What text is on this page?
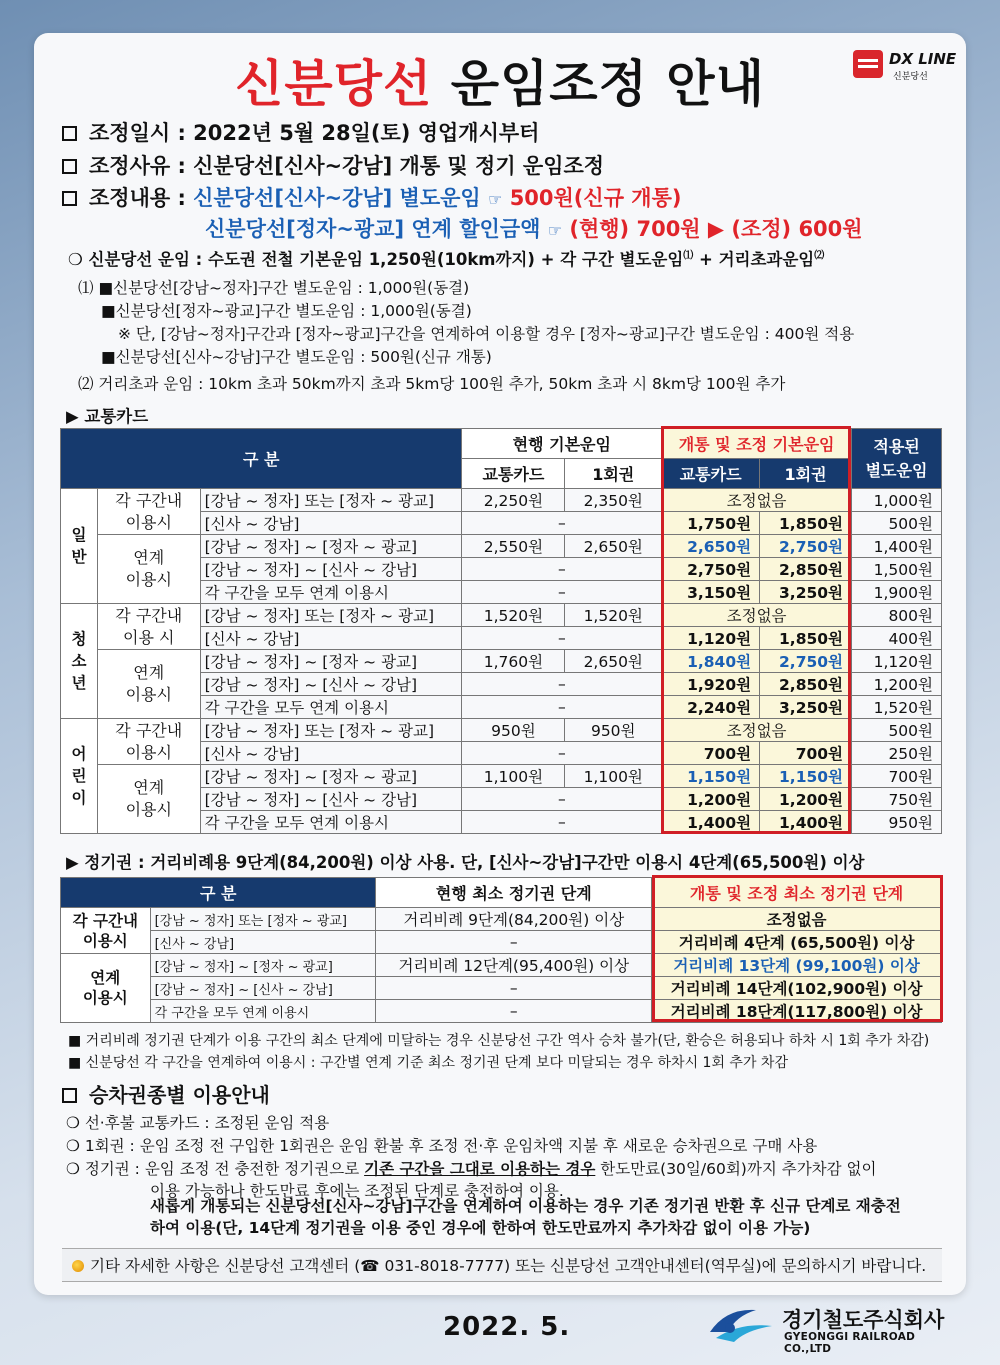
신분당선 운임조정 안내	DX LINE
신분당선
조정일시 : 2022년 5월 28일(토) 영업개시부터
조정사유 : 신분당선[신사~강남] 개통 및 정기 운임조정
조정내용 : 신분당선[신사~강남] 별도운임 ☞ 500원(신규 개통)
신분당선[정자~광교] 연계 할인금액 ☞ (현행) 700원 ▶ (조정) 600원
❍ 신분당선 운임 : 수도권 전철 기본운임 1,250원(10km까지) + 각 구간 별도운임⑴ + 거리초과운임⑵
⑴ ■신분당선[강남~정자]구간 별도운임 : 1,000원(동결)
■신분당선[정자~광교]구간 별도운임 : 1,000원(동결)
※ 단, [강남~정자]구간과 [정자~광교]구간을 연계하여 이용할 경우 [정자~광교]구간 별도운임 : 400원 적용
■신분당선[신사~강남]구간 별도운임 : 500원(신규 개통)
⑵ 거리초과 운임 : 10km 초과 50km까지 초과 5km당 100원 추가, 50km 초과 시 8km당 100원 추가
▶ 교통카드
구 분			현행 기본운임		개통 및 조정 기본운임		적용된
별도운임

			교통카드	1회권	교통카드	1회권	
일
반	각 구간내
이용시	[강남 ~ 정자] 또는 [정자 ~ 광교]	2,250원	2,350원	조정없음		1,000원
		[신사 ~ 강남]	–		1,750원	1,850원	500원
	연계
이용시	[강남 ~ 정자] ~ [정자 ~ 광교]	2,550원	2,650원	2,650원	2,750원	1,400원
		[강남 ~ 정자] ~ [신사 ~ 강남]	–		2,750원	2,850원	1,500원
		각 구간을 모두 연계 이용시	–		3,150원	3,250원	1,900원
청
소
년	각 구간내
이용 시	[강남 ~ 정자] 또는 [정자 ~ 광교]	1,520원	1,520원	조정없음		800원
		[신사 ~ 강남]	–		1,120원	1,850원	400원
	연계
이용시	[강남 ~ 정자] ~ [정자 ~ 광교]	1,760원	2,650원	1,840원	2,750원	1,120원
		[강남 ~ 정자] ~ [신사 ~ 강남]	–		1,920원	2,850원	1,200원
		각 구간을 모두 연계 이용시	–		2,240원	3,250원	1,520원
어
린
이	각 구간내
이용시	[강남 ~ 정자] 또는 [정자 ~ 광교]	950원	950원	조정없음		500원
		[신사 ~ 강남]	–		700원	700원	250원
	연계
이용시	[강남 ~ 정자] ~ [정자 ~ 광교]	1,100원	1,100원	1,150원	1,150원	700원
		[강남 ~ 정자] ~ [신사 ~ 강남]	–		1,200원	1,200원	750원
		각 구간을 모두 연계 이용시	–		1,400원	1,400원	950원
▶ 정기권 : 거리비례용 9단계(84,200원) 이상 사용. 단, [신사~강남]구간만 이용시 4단계(65,500원) 이상
구 분		현행 최소 정기권 단계	개통 및 조정 최소 정기권 단계
각 구간내
이용시	[강남 ~ 정자] 또는 [정자 ~ 광교]	거리비례 9단계(84,200원) 이상	조정없음
	[신사 ~ 강남]	–	거리비례 4단계 (65,500원) 이상
연계
이용시	[강남 ~ 정자] ~ [정자 ~ 광교]	거리비례 12단계(95,400원) 이상	거리비례 13단계 (99,100원) 이상
	[강남 ~ 정자] ~ [신사 ~ 강남]	–	거리비례 14단계(102,900원) 이상
	각 구간을 모두 연계 이용시	–	거리비례 18단계(117,800원) 이상
■ 거리비례 정기권 단계가 이용 구간의 최소 단계에 미달하는 경우 신분당선 구간 역사 승차 불가(단, 환승은 허용되나 하차 시 1회 추가 차감)
■ 신분당선 각 구간을 연계하여 이용시 : 구간별 연계 기준 최소 정기권 단계 보다 미달되는 경우 하차시 1회 추가 차감
승차권종별 이용안내
❍ 선·후불 교통카드 : 조정된 운임 적용
❍ 1회권 : 운임 조정 전 구입한 1회권은 운임 환불 후 조정 전·후 운임차액 지불 후 새로운 승차권으로 구매 사용
❍ 정기권 : 운임 조정 전 충전한 정기권으로 기존 구간을 그대로 이용하는 경우 한도만료(30일/60회)까지 추가차감 없이
이용 가능하나 한도만료 후에는 조정된 단계로 충전하여 이용.
새롭게 개통되는 신분당선[신사~강남]구간을 연계하여 이용하는 경우 기존 정기권 반환 후 신규 단계로 재충전
하여 이용(단, 14단계 정기권을 이용 중인 경우에 한하여 한도만료까지 추가차감 없이 이용 가능)
기타 자세한 사항은 신분당선 고객센터 (☎ 031-8018-7777) 또는 신분당선 고객안내센터(역무실)에 문의하시기 바랍니다.
2022. 5.	경기철도주식회사
GYEONGGI RAILROAD CO.,LTD
